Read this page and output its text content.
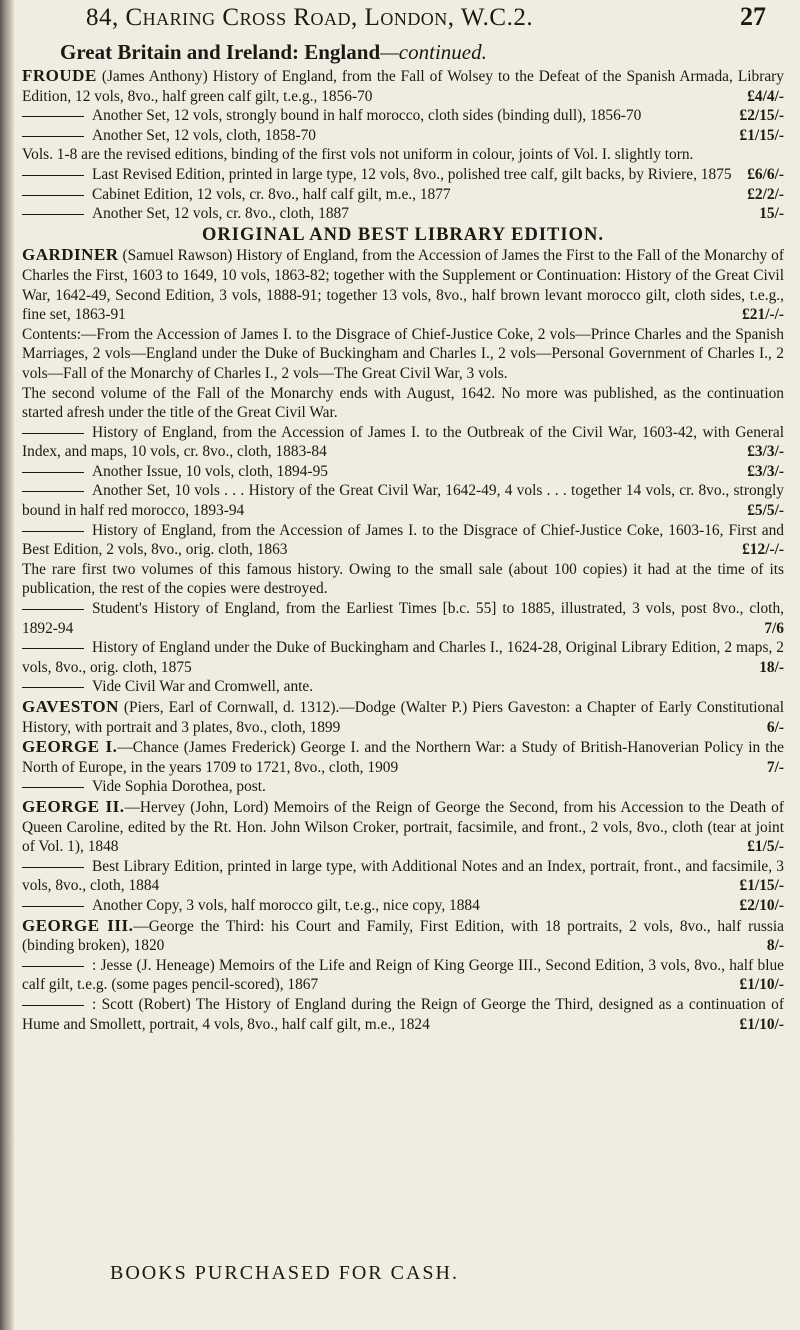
84, Charing Cross Road, London, W.C.2.	27
Great Britain and Ireland: England—continued.

FROUDE (James Anthony) History of England, from the Fall of Wolsey to the Defeat of the Spanish Armada, Library Edition, 12 vols, 8vo., half green calf gilt, t.e.g., 1856-70	£4/4/-

Another Set, 12 vols, strongly bound in half morocco, cloth sides (binding dull), 1856-70	£2/15/-

Another Set, 12 vols, cloth, 1858-70	£1/15/-

Vols. 1-8 are the revised editions, binding of the first vols not uniform in colour, joints of Vol. I. slightly torn.

Last Revised Edition, printed in large type, 12 vols, 8vo., polished tree calf, gilt backs, by Riviere, 1875 £6/6/-

Cabinet Edition, 12 vols, cr. 8vo., half calf gilt, m.e., 1877	£2/2/-

Another Set, 12 vols, cr. 8vo., cloth, 1887	15/-

ORIGINAL AND BEST LIBRARY EDITION.

GARDINER (Samuel Rawson) History of England, from the Accession of James the First to the Fall of the Monarchy of Charles the First, 1603 to 1649, 10 vols, 1863-82; together with the Supplement or Continuation: History of the Great Civil War, 1642-49, Second Edition, 3 vols, 1888-91; together 13 vols, 8vo., half brown levant morocco gilt, cloth sides, t.e.g., fine set, 1863-91	£21/-/-

Contents:—From the Accession of James I. to the Disgrace of Chief-Justice Coke, 2 vols—Prince Charles and the Spanish Marriages, 2 vols—England under the Duke of Buckingham and Charles I., 2 vols—Personal Government of Charles I., 2 vols—Fall of the Monarchy of Charles I., 2 vols—The Great Civil War, 3 vols.

The second volume of the Fall of the Monarchy ends with August, 1642. No more was published, as the continuation started afresh under the title of the Great Civil War.

History of England, from the Accession of James I. to the Outbreak of the Civil War, 1603-42, with General Index, and maps, 10 vols, cr. 8vo., cloth, 1883-84	£3/3/-

Another Issue, 10 vols, cloth, 1894-95	£3/3/-

Another Set, 10 vols . . . History of the Great Civil War, 1642-49, 4 vols . . . together 14 vols, cr. 8vo., strongly bound in half red morocco, 1893-94	£5/5/-

History of England, from the Accession of James I. to the Disgrace of Chief-Justice Coke, 1603-16, First and Best Edition, 2 vols, 8vo., orig. cloth, 1863	£12/-/-

The rare first two volumes of this famous history. Owing to the small sale (about 100 copies) it had at the time of its publication, the rest of the copies were destroyed.

Student's History of England, from the Earliest Times [b.c. 55] to 1885, illustrated, 3 vols, post 8vo., cloth, 1892-94	7/6

History of England under the Duke of Buckingham and Charles I., 1624-28, Original Library Edition, 2 maps, 2 vols, 8vo., orig. cloth, 1875	18/-

Vide Civil War and Cromwell, ante.

GAVESTON (Piers, Earl of Cornwall, d. 1312).—Dodge (Walter P.) Piers Gaveston: a Chapter of Early Constitutional History, with portrait and 3 plates, 8vo., cloth, 1899	6/-

GEORGE I.—Chance (James Frederick) George I. and the Northern War: a Study of British-Hanoverian Policy in the North of Europe, in the years 1709 to 1721, 8vo., cloth, 1909	7/-

Vide Sophia Dorothea, post.

GEORGE II.—Hervey (John, Lord) Memoirs of the Reign of George the Second, from his Accession to the Death of Queen Caroline, edited by the Rt. Hon. John Wilson Croker, portrait, facsimile, and front., 2 vols, 8vo., cloth (tear at joint of Vol. 1), 1848	£1/5/-

Best Library Edition, printed in large type, with Additional Notes and an Index, portrait, front., and facsimile, 3 vols, 8vo., cloth, 1884	£1/15/-

Another Copy, 3 vols, half morocco gilt, t.e.g., nice copy, 1884	£2/10/-

GEORGE III.—George the Third: his Court and Family, First Edition, with 18 portraits, 2 vols, 8vo., half russia (binding broken), 1820	8/-

: Jesse (J. Heneage) Memoirs of the Life and Reign of King George III., Second Edition, 3 vols, 8vo., half blue calf gilt, t.e.g. (some pages pencil-scored), 1867	£1/10/-

: Scott (Robert) The History of England during the Reign of George the Third, designed as a continuation of Hume and Smollett, portrait, 4 vols, 8vo., half calf gilt, m.e., 1824	£1/10/-

BOOKS PURCHASED FOR CASH.
